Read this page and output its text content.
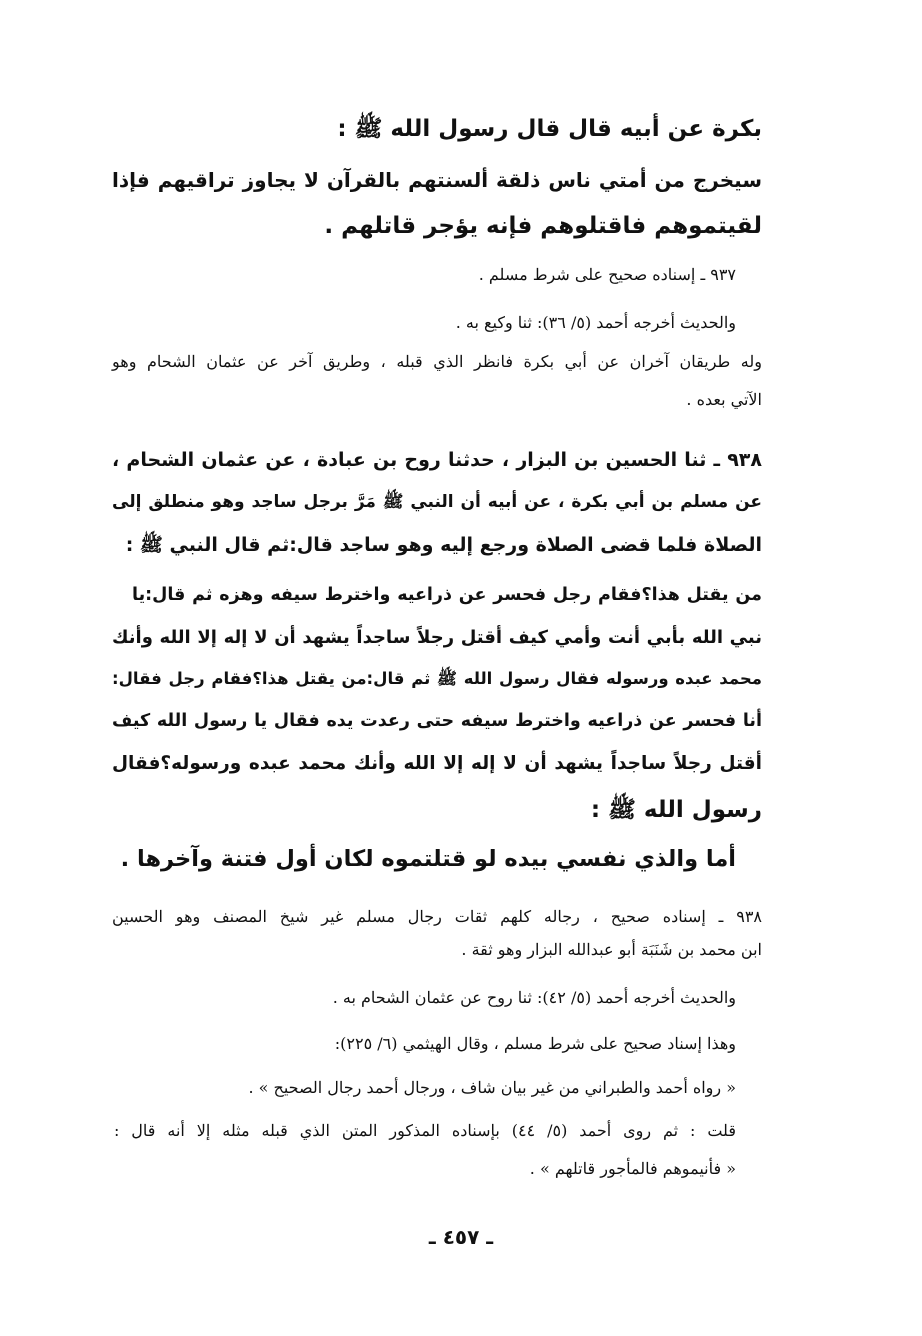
بكرة عن أبيه قال قال رسول الله ﷺ :
سيخرج من أمتي ناس ذلقة ألسنتهم بالقرآن لا يجاوز تراقيهم فإذا
لقيتموهم فاقتلوهم فإنه يؤجر قاتلهم .
٩٣٧ ـ إسناده صحيح على شرط مسلم .
والحديث أخرجه أحمد (٥/ ٣٦): ثنا وكيع به .
وله طريقان آخران عن أبي بكرة فانظر الذي قبله ، وطريق آخر عن عثمان الشحام وهو
الآتي بعده .
٩٣٨ ـ ثنا الحسين بن البزار ، حدثنا روح بن عبادة ، عن عثمان الشحام ،
عن مسلم بن أبي بكرة ، عن أبيه أن النبي ﷺ مَرَّ برجل ساجد وهو منطلق إلى
الصلاة فلما قضى الصلاة ورجع إليه وهو ساجد قال:ثم قال النبي ﷺ :
من يقتل هذا؟فقام رجل فحسر عن ذراعيه واخترط سيفه وهزه ثم قال:يا
نبي الله بأبي أنت وأمي كيف أقتل رجلاً ساجداً يشهد أن لا إله إلا الله وأنك
محمد عبده ورسوله فقال رسول الله ﷺ ثم قال:من يقتل هذا؟فقام رجل فقال:
أنا فحسر عن ذراعيه واخترط سيفه حتى رعدت يده فقال يا رسول الله كيف
أقتل رجلاً ساجداً يشهد أن لا إله إلا الله وأنك محمد عبده ورسوله؟فقال
رسول الله ﷺ :
أما والذي نفسي بيده لو قتلتموه لكان أول فتنة وآخرها .
٩٣٨ ـ إسناده صحيح ، رجاله كلهم ثقات رجال مسلم غير شيخ المصنف وهو الحسين
ابن محمد بن شَنَبَة أبو عبدالله البزار وهو ثقة .
والحديث أخرجه أحمد (٥/ ٤٢): ثنا روح عن عثمان الشحام به .
وهذا إسناد صحيح على شرط مسلم ، وقال الهيثمي (٦/ ٢٢٥):
« رواه أحمد والطبراني من غير بيان شاف ، ورجال أحمد رجال الصحيح » .
قلت : ثم روى أحمد (٥/ ٤٤) بإسناده المذكور المتن الذي قبله مثله إلا أنه قال :
« فأنيموهم فالمأجور قاتلهم » .
ـ ٤٥٧ ـ
